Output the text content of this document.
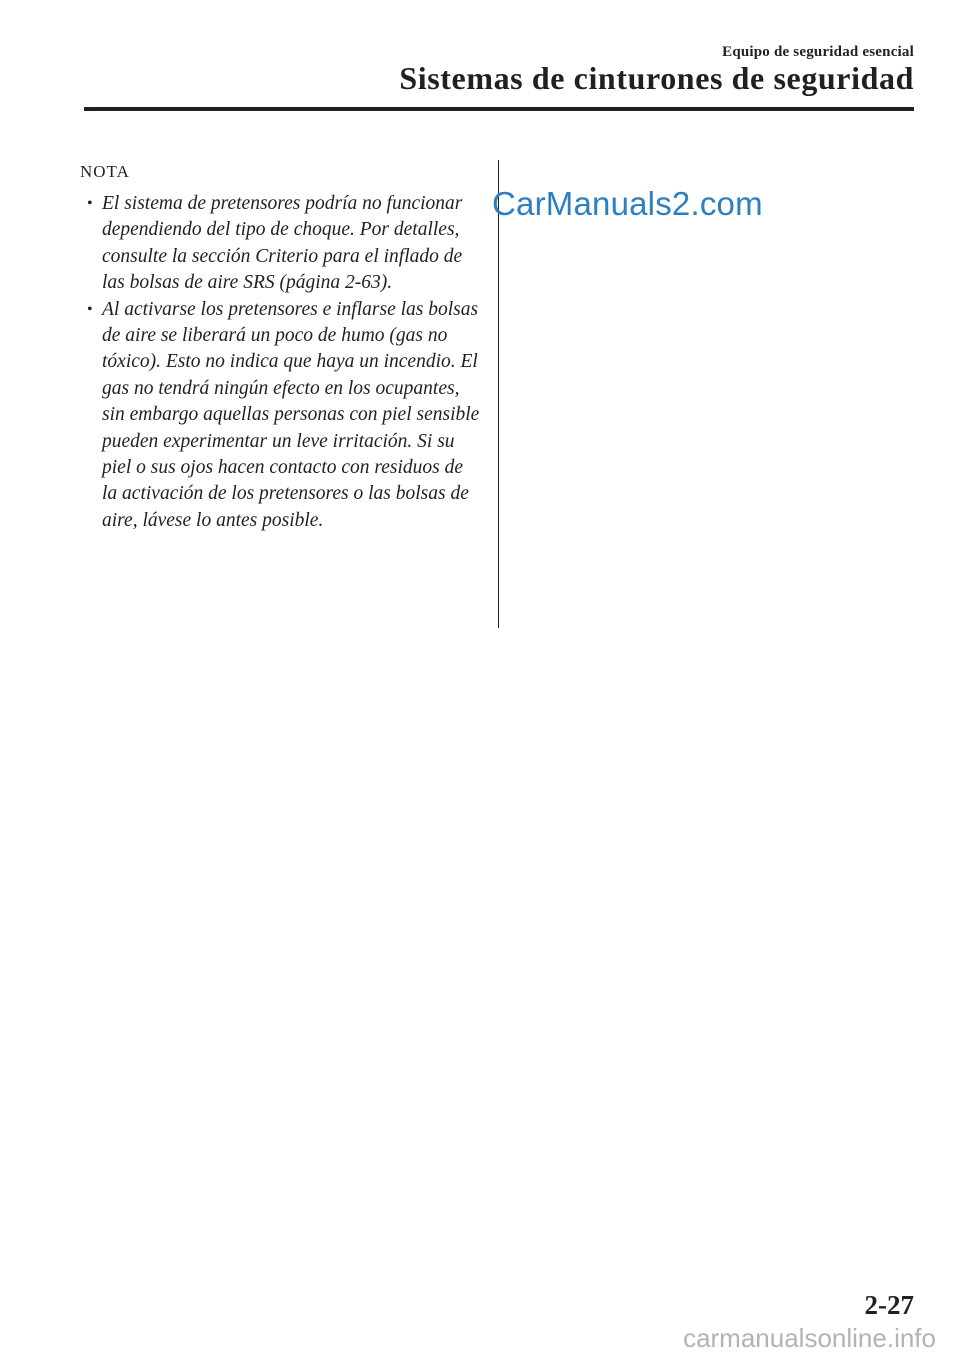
Equipo de seguridad esencial
Sistemas de cinturones de seguridad
NOTA
• El sistema de pretensores podría no funcionar dependiendo del tipo de choque. Por detalles, consulte la sección Criterio para el inflado de las bolsas de aire SRS (página 2-63).
• Al activarse los pretensores e inflarse las bolsas de aire se liberará un poco de humo (gas no tóxico). Esto no indica que haya un incendio. El gas no tendrá ningún efecto en los ocupantes, sin embargo aquellas personas con piel sensible pueden experimentar un leve irritación. Si su piel o sus ojos hacen contacto con residuos de la activación de los pretensores o las bolsas de aire, lávese lo antes posible.
CarManuals2.com
2-27
carmanualsonline.info
